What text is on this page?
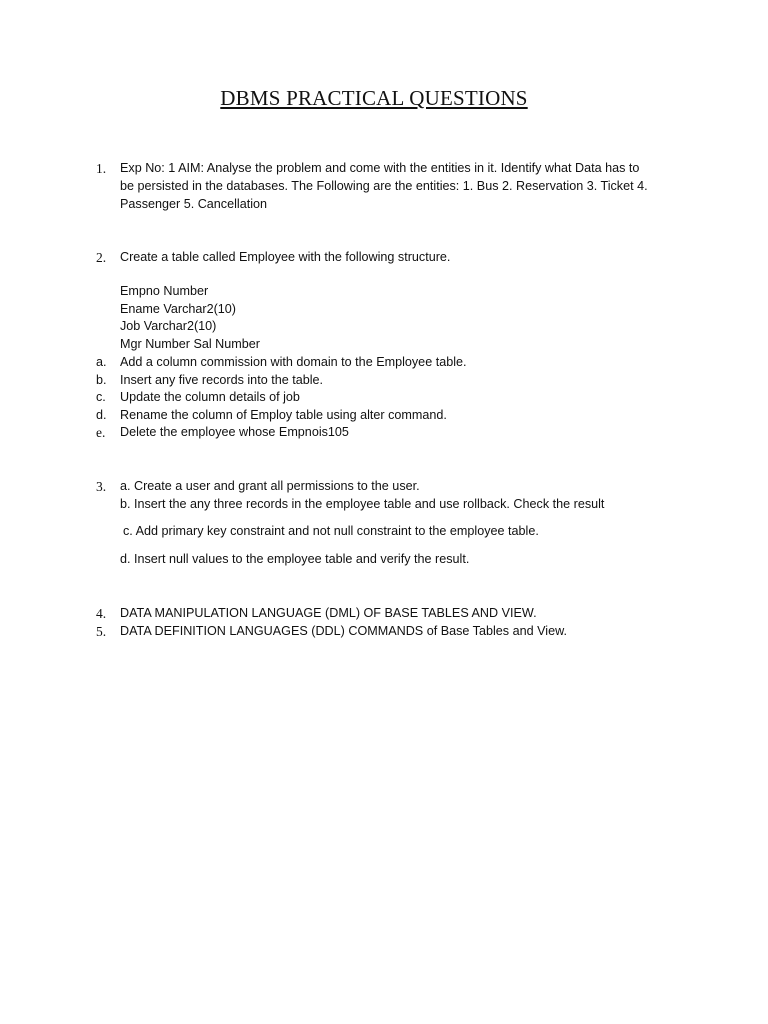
DBMS PRACTICAL QUESTIONS
1. Exp No: 1 AIM: Analyse the problem and come with the entities in it. Identify what Data has to
be persisted in the databases. The Following are the entities: 1. Bus 2. Reservation 3. Ticket 4.
Passenger 5. Cancellation
2. Create a table called Employee with the following structure.
Empno Number
Ename Varchar2(10)
Job Varchar2(10)
Mgr Number Sal Number
a. Add a column commission with domain to the Employee table.
b. Insert any five records into the table.
c. Update the column details of job
d. Rename the column of Employ table using alter command.
e. Delete the employee whose Empnois105
3. a. Create a user and grant all permissions to the user.
b. Insert the any three records in the employee table and use rollback. Check the result
c. Add primary key constraint and not null constraint to the employee table.
d. Insert null values to the employee table and verify the result.
4. DATA MANIPULATION LANGUAGE (DML) OF BASE TABLES AND VIEW.
5. DATA DEFINITION LANGUAGES (DDL) COMMANDS of Base Tables and View.
